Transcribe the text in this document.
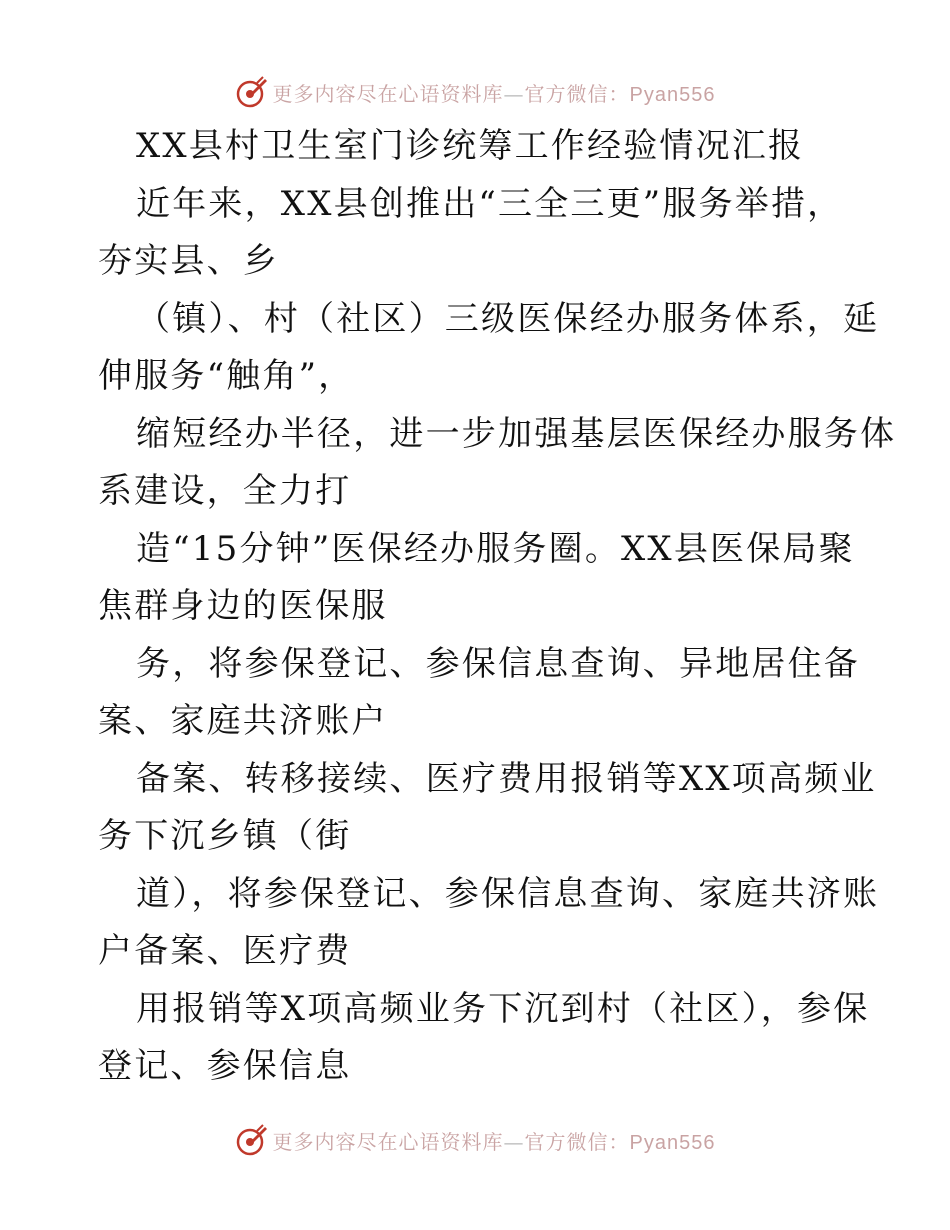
更多内容尽在心语资料库—官方微信：Pyan556
XX县村卫生室门诊统筹工作经验情况汇报
近年来，XX县创推出“三全三更”服务举措，
夯实县、乡
（镇）、村（社区）三级医保经办服务体系，延
伸服务“触角”，
缩短经办半径，进一步加强基层医保经办服务体
系建设，全力打
造“15分钟”医保经办服务圈。XX县医保局聚
焦群身边的医保服
务，将参保登记、参保信息查询、异地居住备
案、家庭共济账户
备案、转移接续、医疗费用报销等XX项高频业
务下沉乡镇（街
道），将参保登记、参保信息查询、家庭共济账
户备案、医疗费
用报销等X项高频业务下沉到村（社区），参保
登记、参保信息
更多内容尽在心语资料库—官方微信：Pyan556
